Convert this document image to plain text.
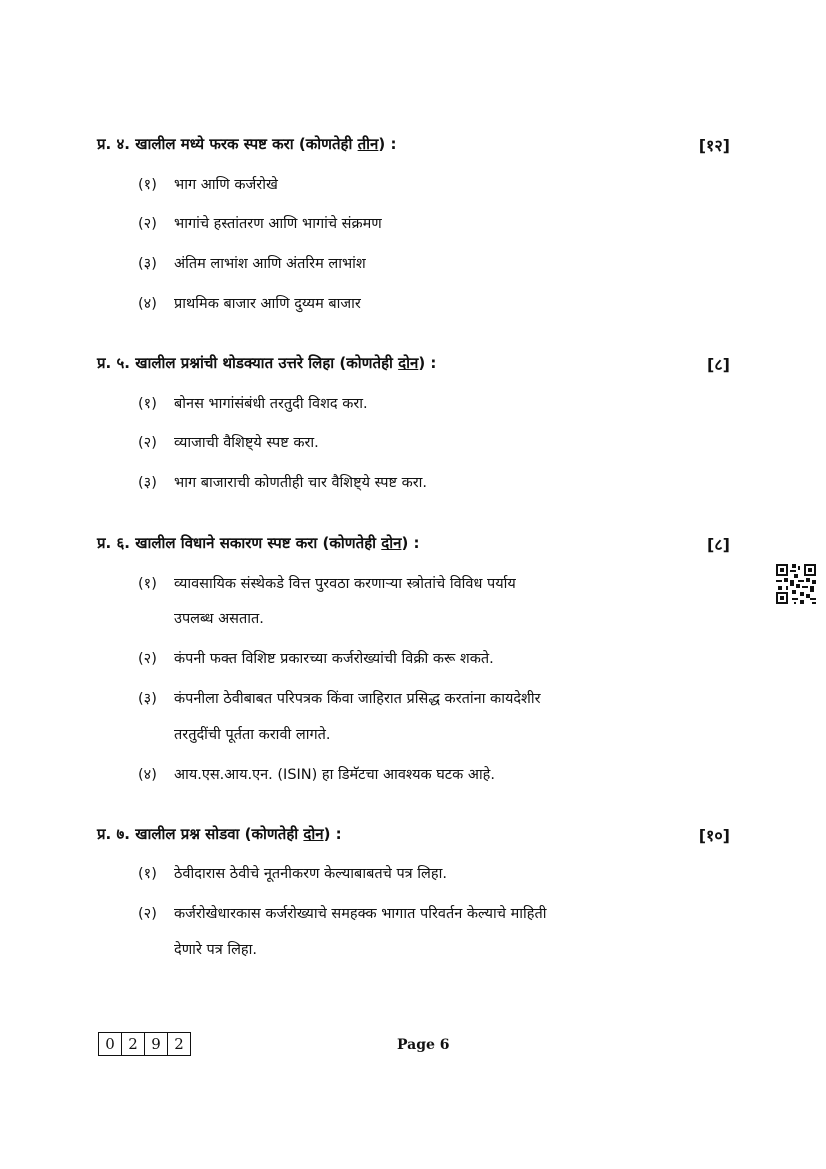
प्र. ४. खालील मध्ये फरक स्पष्ट करा (कोणतेही तीन) :	[१२]
(१) भाग आणि कर्जरोखे
(२) भागांचे हस्तांतरण आणि भागांचे संक्रमण
(३) अंतिम लाभांश आणि अंतरिम लाभांश
(४) प्राथमिक बाजार आणि दुय्यम बाजार
प्र. ५. खालील प्रश्नांची थोडक्यात उत्तरे लिहा (कोणतेही दोन) :	[८]
(१) बोनस भागांसंबंधी तरतुदी विशद करा.
(२) व्याजाची वैशिष्ट्ये स्पष्ट करा.
(३) भाग बाजाराची कोणतीही चार वैशिष्ट्ये स्पष्ट करा.
प्र. ६. खालील विधाने सकारण स्पष्ट करा (कोणतेही दोन) :	[८]
(१) व्यावसायिक संस्थेकडे वित्त पुरवठा करणाऱ्या स्त्रोतांचे विविध पर्याय
उपलब्ध असतात.
(२) कंपनी फक्त विशिष्ट प्रकारच्या कर्जरोख्यांची विक्री करू शकते.
(३) कंपनीला ठेवीबाबत परिपत्रक किंवा जाहिरात प्रसिद्ध करतांना कायदेशीर
तरतुदींची पूर्तता करावी लागते.
(४) आय.एस.आय.एन. (ISIN) हा डिमॅटचा आवश्यक घटक आहे.
प्र. ७. खालील प्रश्न सोडवा (कोणतेही दोन) :	[१०]
(१) ठेवीदारास ठेवीचे नूतनीकरण केल्याबाबतचे पत्र लिहा.
(२) कर्जरोखेधारकास कर्जरोख्याचे समहक्क भागात परिवर्तन केल्याचे माहिती
देणारे पत्र लिहा.
0 2 9 2	Page 6
